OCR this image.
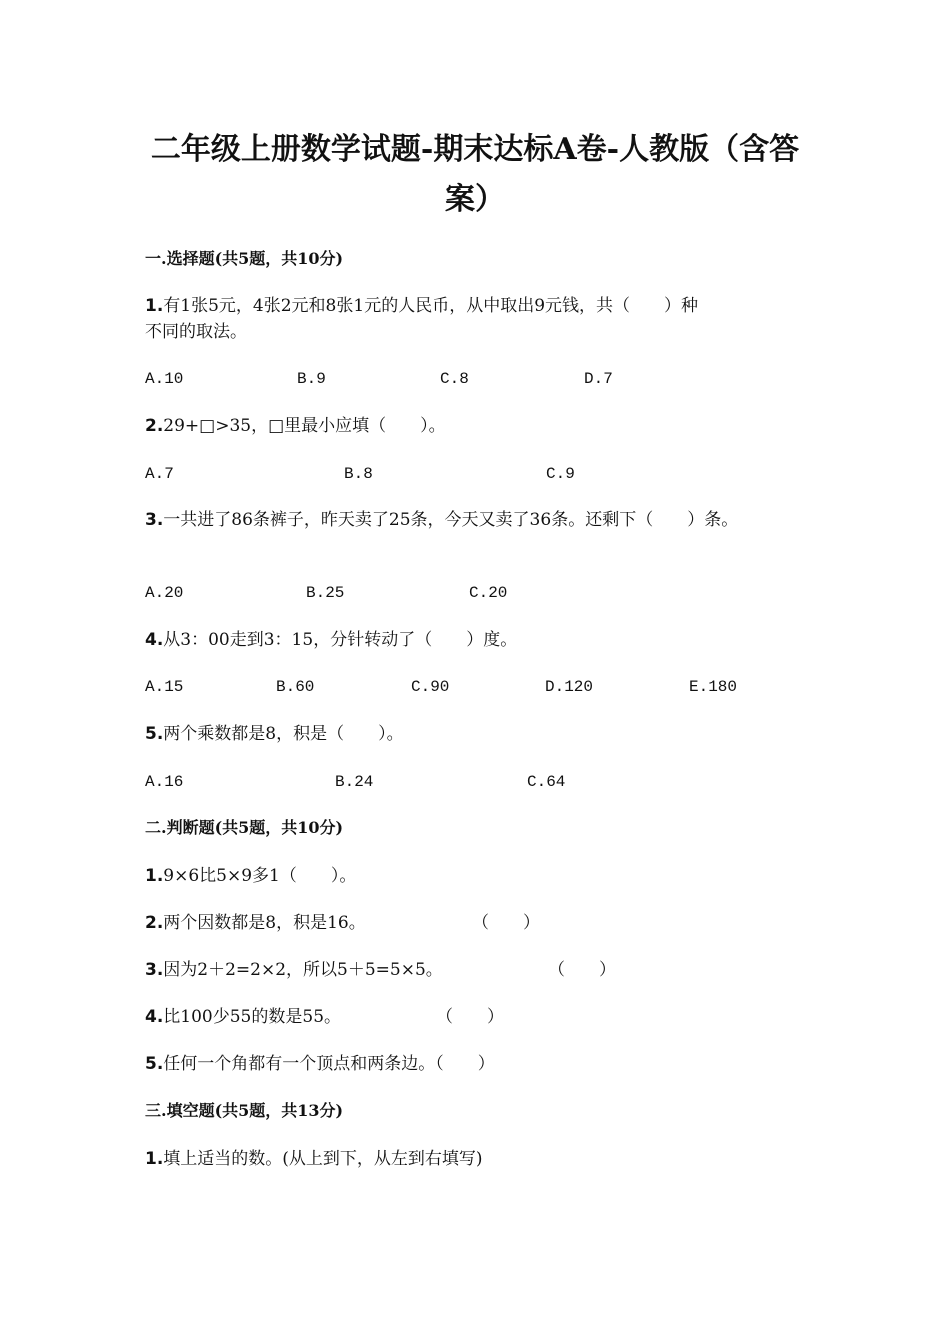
二年级上册数学试题-期末达标A卷-人教版（含答
案）
一.选择题(共5题，共10分)
1.有1张5元，4张2元和8张1元的人民币，从中取出9元钱，共（　　）种
不同的取法。
A.10	B.9	C.8	D.7
2.29+□>35，□里最小应填（　　）。
A.7	B.8	C.9
3.一共进了86条裤子，昨天卖了25条，今天又卖了36条。还剩下（　　）条。
A.20	B.25	C.20
4.从3：00走到3：15，分针转动了（　　）度。
A.15	B.60	C.90	D.120	E.180
5.两个乘数都是8，积是（　　）。
A.16	B.24	C.64
二.判断题(共5题，共10分)
1.9×6比5×9多1（　　）。
2.两个因数都是8，积是16。	（　　）
3.因为2＋2=2×2，所以5＋5=5×5。	（　　）
4.比100少55的数是55。	（　　）
5.任何一个角都有一个顶点和两条边。（　　）
三.填空题(共5题，共13分)
1.填上适当的数。(从上到下，从左到右填写)
